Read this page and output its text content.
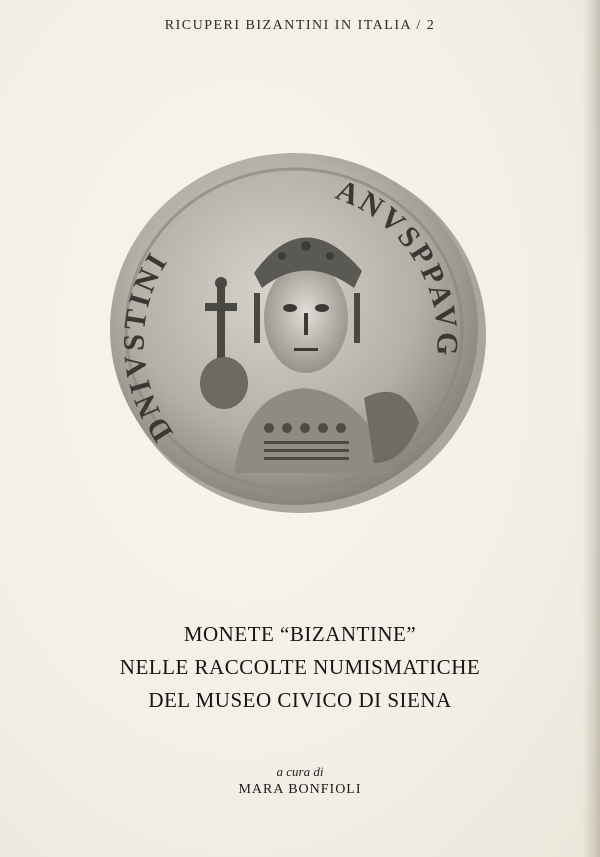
RICUPERI BIZANTINI IN ITALIA / 2
DNIVSTINI
ANVSPPAVG
MONETE “BIZANTINE”
NELLE RACCOLTE NUMISMATICHE
DEL MUSEO CIVICO DI SIENA
a cura di
MARA BONFIOLI
